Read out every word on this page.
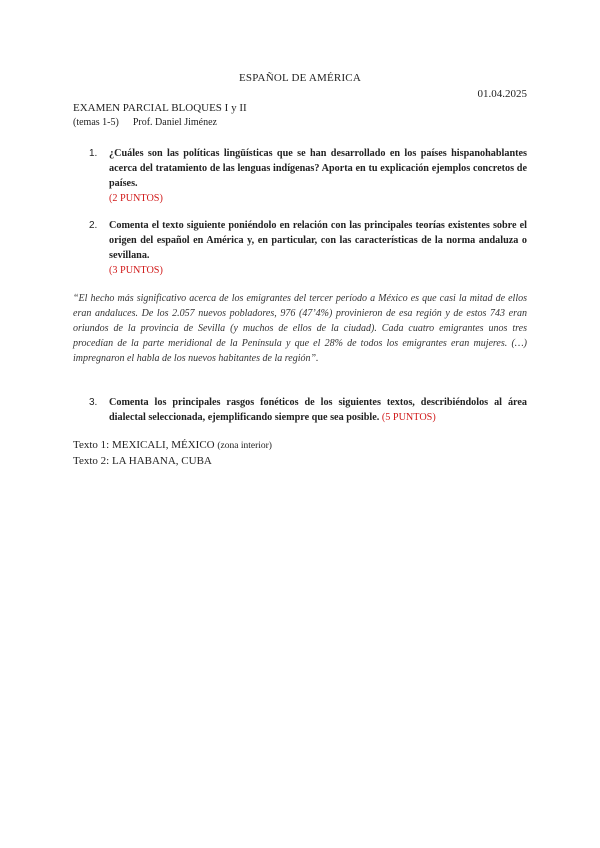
ESPAÑOL DE AMÉRICA
01.04.2025
EXAMEN PARCIAL BLOQUES I y II
(temas 1-5) Prof. Daniel Jiménez
1. ¿Cuáles son las políticas lingüísticas que se han desarrollado en los países hispanohablantes acerca del tratamiento de las lenguas indígenas? Aporta en tu explicación ejemplos concretos de países.
(2 PUNTOS)
2. Comenta el texto siguiente poniéndolo en relación con las principales teorías existentes sobre el origen del español en América y, en particular, con las características de la norma andaluza o sevillana.
(3 PUNTOS)
“El hecho más significativo acerca de los emigrantes del tercer período a México es que casi la mitad de ellos eran andaluces. De los 2.057 nuevos pobladores, 976 (47’4%) provinieron de esa región y de estos 743 eran oriundos de la provincia de Sevilla (y muchos de ellos de la ciudad). Cada cuatro emigrantes unos tres procedían de la parte meridional de la Península y que el 28% de todos los emigrantes eran mujeres. (…) impregnaron el habla de los nuevos habitantes de la región”.
3. Comenta los principales rasgos fonéticos de los siguientes textos, describiéndolos al área dialectal seleccionada, ejemplificando siempre que sea posible. (5 PUNTOS)
Texto 1: MEXICALI, MÉXICO (zona interior)
Texto 2: LA HABANA, CUBA
